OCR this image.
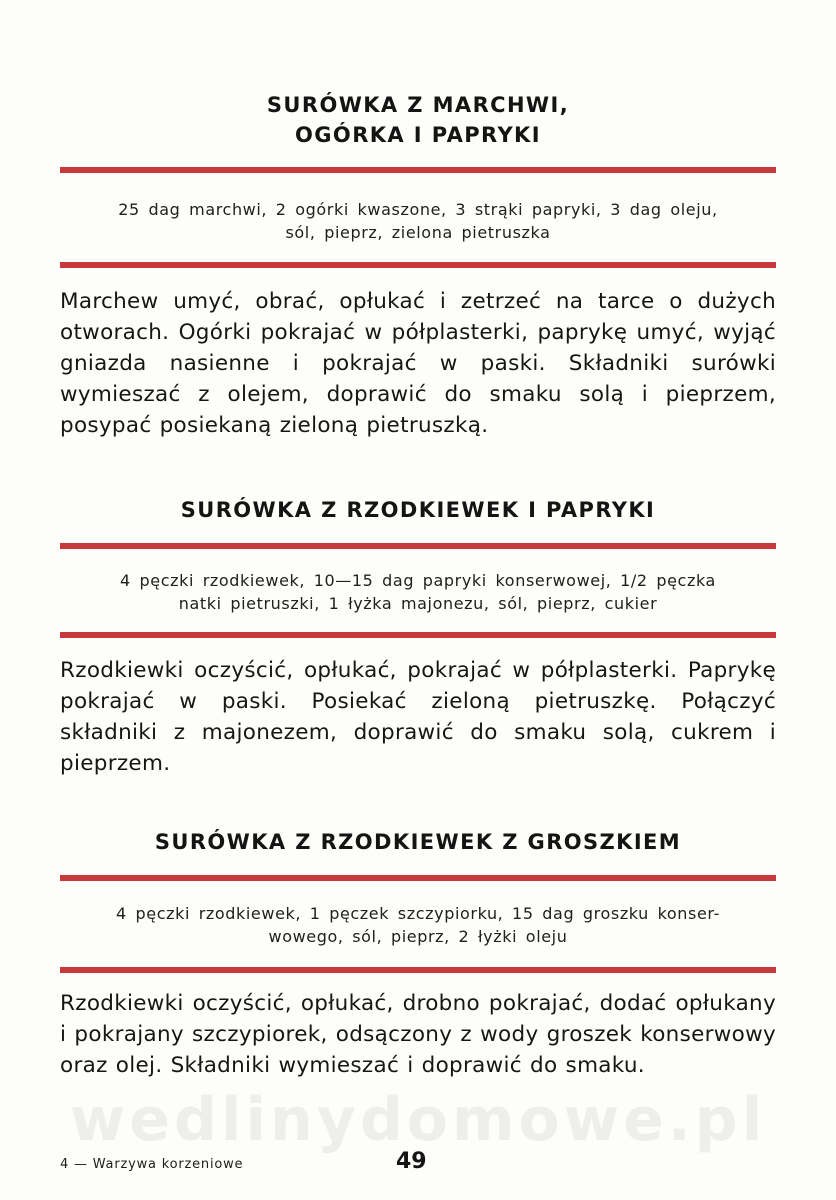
SURÓWKA Z MARCHWI,
OGÓRKA I PAPRYKI
25 dag marchwi, 2 ogórki kwaszone, 3 strąki papryki, 3 dag oleju,
sól, pieprz, zielona pietruszka
Marchew umyć, obrać, opłukać i zetrzeć na tarce o dużych otworach. Ogórki pokrajać w półplasterki, paprykę umyć, wyjąć gniazda nasienne i pokrajać w paski. Składniki surówki wymieszać z olejem, doprawić do smaku solą i pieprzem, posypać posiekaną zieloną pietruszką.
SURÓWKA Z RZODKIEWEK I PAPRYKI
4 pęczki rzodkiewek, 10—15 dag papryki konserwowej, 1/2 pęczka
natki pietruszki, 1 łyżka majonezu, sól, pieprz, cukier
Rzodkiewki oczyścić, opłukać, pokrajać w półplasterki. Paprykę pokrajać w paski. Posiekać zieloną pietruszkę. Połączyć składniki z majonezem, doprawić do smaku solą, cukrem i pieprzem.
SURÓWKA Z RZODKIEWEK Z GROSZKIEM
4 pęczki rzodkiewek, 1 pęczek szczypiorku, 15 dag groszku konser-
wowego, sól, pieprz, 2 łyżki oleju
Rzodkiewki oczyścić, opłukać, drobno pokrajać, dodać opłukany i pokrajany szczypiorek, odsączony z wody groszek konserwowy oraz olej. Składniki wymieszać i doprawić do smaku.
wedlinydomowe.pl
4 — Warzywa korzeniowe	49
